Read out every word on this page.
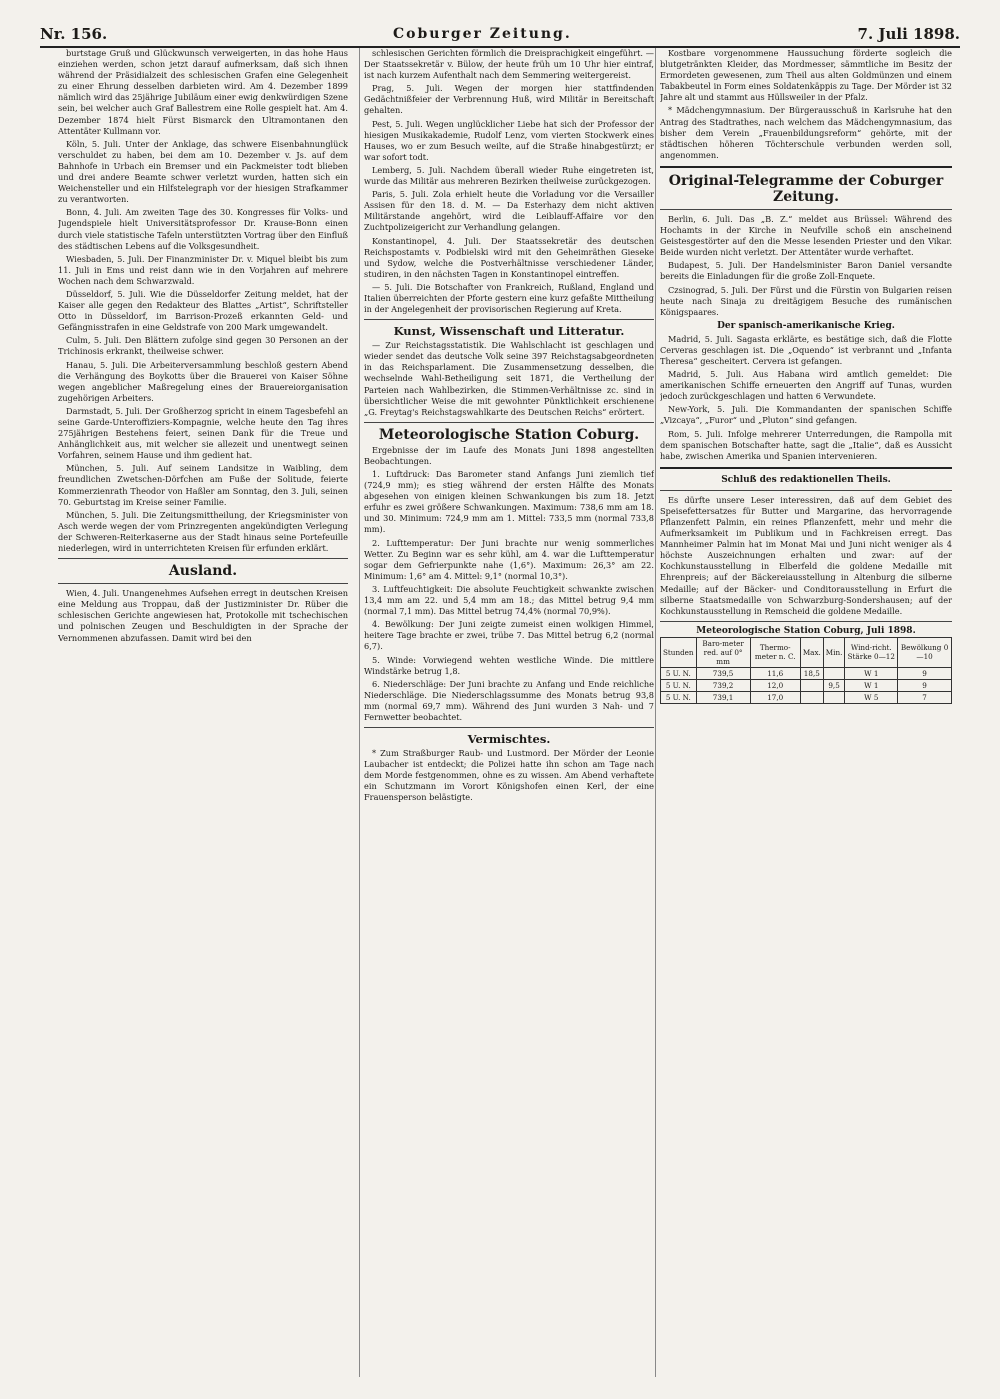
Nr. 156.	Coburger Zeitung.	7. Juli 1898.

burtstage Gruß und Glückwunsch verweigerten, in das hohe Haus einziehen werden, schon jetzt darauf aufmerksam, daß sich ihnen während der Präsidialzeit des schlesischen Grafen eine Gelegenheit zu einer Ehrung desselben darbieten wird. Am 4. Dezember 1899 nämlich wird das 25jährige Jubiläum einer ewig denkwürdigen Szene sein, bei welcher auch Graf Ballestrem eine Rolle gespielt hat. Am 4. Dezember 1874 hielt Fürst Bismarck den Ultramontanen den Attentäter Kullmann vor.

Köln, 5. Juli. Unter der Anklage, das schwere Eisenbahnunglück verschuldet zu haben, bei dem am 10. Dezember v. Js. auf dem Bahnhofe in Urbach ein Bremser und ein Packmeister todt blieben und drei andere Beamte schwer verletzt wurden, hatten sich ein Weichensteller und ein Hilfstelegraph vor der hiesigen Strafkammer zu verantworten.

Bonn, 4. Juli. Am zweiten Tage des 30. Kongresses für Volks- und Jugendspiele hielt Universitätsprofessor Dr. Krause-Bonn einen durch viele statistische Tafeln unterstützten Vortrag über den Einfluß des städtischen Lebens auf die Volksgesundheit.

Wiesbaden, 5. Juli. Der Finanzminister Dr. v. Miquel bleibt bis zum 11. Juli in Ems und reist dann wie in den Vorjahren auf mehrere Wochen nach dem Schwarzwald.

Düsseldorf, 5. Juli. Wie die Düsseldorfer Zeitung meldet, hat der Kaiser alle gegen den Redakteur des Blattes „Artist“, Schriftsteller Otto in Düsseldorf, im Barrison-Prozeß erkannten Geld- und Gefängnisstrafen in eine Geldstrafe von 200 Mark umgewandelt.

Culm, 5. Juli. Den Blättern zufolge sind gegen 30 Personen an der Trichinosis erkrankt, theilweise schwer.

Hanau, 5. Juli. Die Arbeiterversammlung beschloß gestern Abend die Verhängung des Boykotts über die Brauerei von Kaiser Söhne wegen angeblicher Maßregelung eines der Brauereiorganisation zugehörigen Arbeiters.

Darmstadt, 5. Juli. Der Großherzog spricht in einem Tagesbefehl an seine Garde-Unteroffiziers-Kompagnie, welche heute den Tag ihres 275jährigen Bestehens feiert, seinen Dank für die Treue und Anhänglichkeit aus, mit welcher sie allezeit und unentwegt seinen Vorfahren, seinem Hause und ihm gedient hat.

München, 5. Juli. Auf seinem Landsitze in Waibling, dem freundlichen Zwetschen-Dörfchen am Fuße der Solitude, feierte Kommerzienrath Theodor von Haßler am Sonntag, den 3. Juli, seinen 70. Geburtstag im Kreise seiner Familie.

München, 5. Juli. Die Zeitungsmittheilung, der Kriegsminister von Asch werde wegen der vom Prinzregenten angekündigten Verlegung der Schweren-Reiterkaserne aus der Stadt hinaus seine Portefeuille niederlegen, wird in unterrichteten Kreisen für erfunden erklärt.

Ausland.

Wien, 4. Juli. Unangenehmes Aufsehen erregt in deutschen Kreisen eine Meldung aus Troppau, daß der Justizminister Dr. Rüber die schlesischen Gerichte angewiesen hat, Protokolle mit tschechischen und polnischen Zeugen und Beschuldigten in der Sprache der Vernommenen abzufassen. Damit wird bei den

schlesischen Gerichten förmlich die Dreisprachigkeit eingeführt. — Der Staatssekretär v. Bülow, der heute früh um 10 Uhr hier eintraf, ist nach kurzem Aufenthalt nach dem Semmering weitergereist.

Prag, 5. Juli. Wegen der morgen hier stattfindenden Gedächtnißfeier der Verbrennung Huß, wird Militär in Bereitschaft gehalten.

Pest, 5. Juli. Wegen unglücklicher Liebe hat sich der Professor der hiesigen Musikakademie, Rudolf Lenz, vom vierten Stockwerk eines Hauses, wo er zum Besuch weilte, auf die Straße hinabgestürzt; er war sofort todt.

Lemberg, 5. Juli. Nachdem überall wieder Ruhe eingetreten ist, wurde das Militär aus mehreren Bezirken theilweise zurückgezogen.

Paris, 5. Juli. Zola erhielt heute die Vorladung vor die Versailler Assisen für den 18. d. M. — Da Esterhazy dem nicht aktiven Militärstande angehört, wird die Leiblauff-Affaire vor den Zuchtpolizeigericht zur Verhandlung gelangen.

Konstantinopel, 4. Juli. Der Staatssekretär des deutschen Reichspostamts v. Podbielski wird mit den Geheimräthen Gieseke und Sydow, welche die Postverhältnisse verschiedener Länder, studiren, in den nächsten Tagen in Konstantinopel eintreffen.

— 5. Juli. Die Botschafter von Frankreich, Rußland, England und Italien überreichten der Pforte gestern eine kurz gefaßte Mittheilung in der Angelegenheit der provisorischen Regierung auf Kreta.

Kunst, Wissenschaft und Litteratur.

— Zur Reichstagsstatistik. Die Wahlschlacht ist geschlagen und wieder sendet das deutsche Volk seine 397 Reichstagsabgeordneten in das Reichsparlament. Die Zusammensetzung desselben, die wechselnde Wahl-Betheiligung seit 1871, die Vertheilung der Parteien nach Wahlbezirken, die Stimmen-Verhältnisse zc. sind in übersichtlicher Weise die mit gewohnter Pünktlichkeit erschienene „G. Freytag's Reichstagswahlkarte des Deutschen Reichs“ erörtert.

Meteorologische Station Coburg.

Ergebnisse der im Laufe des Monats Juni 1898 angestellten Beobachtungen.

1. Luftdruck: Das Barometer stand Anfangs Juni ziemlich tief (724,9 mm); es stieg während der ersten Hälfte des Monats abgesehen von einigen kleinen Schwankungen bis zum 18. Jetzt erfuhr es zwei größere Schwankungen. Maximum: 738,6 mm am 18. und 30. Minimum: 724,9 mm am 1. Mittel: 733,5 mm (normal 733,8 mm).

2. Lufttemperatur: Der Juni brachte nur wenig sommerliches Wetter. Zu Beginn war es sehr kühl, am 4. war die Lufttemperatur sogar dem Gefrierpunkte nahe (1,6°). Maximum: 26,3° am 22. Minimum: 1,6° am 4. Mittel: 9,1° (normal 10,3°).

3. Luftfeuchtigkeit: Die absolute Feuchtigkeit schwankte zwischen 13,4 mm am 22. und 5,4 mm am 18.; das Mittel betrug 9,4 mm (normal 7,1 mm). Das Mittel betrug 74,4% (normal 70,9%).

4. Bewölkung: Der Juni zeigte zumeist einen wolkigen Himmel, heitere Tage brachte er zwei, trübe 7. Das Mittel betrug 6,2 (normal 6,7).

5. Winde: Vorwiegend wehten westliche Winde. Die mittlere Windstärke betrug 1,8.

6. Niederschläge: Der Juni brachte zu Anfang und Ende reichliche Niederschläge. Die Niederschlagssumme des Monats betrug 93,8 mm (normal 69,7 mm). Während des Juni wurden 3 Nah- und 7 Fernwetter beobachtet.

Vermischtes.

* Zum Straßburger Raub- und Lustmord. Der Mörder der Leonie Laubacher ist entdeckt; die Polizei hatte ihn schon am Tage nach dem Morde festgenommen, ohne es zu wissen. Am Abend verhaftete ein Schutzmann im Vorort Königshofen einen Kerl, der eine Frauensperson belästigte.

Kostbare vorgenommene Haussuchung förderte sogleich die blutgetränkten Kleider, das Mordmesser, sämmtliche im Besitz der Ermordeten gewesenen, zum Theil aus alten Goldmünzen und einem Tabakbeutel in Form eines Soldatenkäppis zu Tage. Der Mörder ist 32 Jahre alt und stammt aus Hüllsweiler in der Pfalz.

* Mädchengymnasium. Der Bürgerausschuß in Karlsruhe hat den Antrag des Stadtrathes, nach welchem das Mädchengymnasium, das bisher dem Verein „Frauenbildungsreform“ gehörte, mit der städtischen höheren Töchterschule verbunden werden soll, angenommen.

Original-Telegramme der Coburger Zeitung.

Berlin, 6. Juli. Das „B. Z.“ meldet aus Brüssel: Während des Hochamts in der Kirche in Neufville schoß ein anscheinend Geistesgestörter auf den die Messe lesenden Priester und den Vikar. Beide wurden nicht verletzt. Der Attentäter wurde verhaftet.

Budapest, 5. Juli. Der Handelsminister Baron Daniel versandte bereits die Einladungen für die große Zoll-Enquete.

Czsinograd, 5. Juli. Der Fürst und die Fürstin von Bulgarien reisen heute nach Sinaja zu dreitägigem Besuche des rumänischen Königspaares.

Der spanisch-amerikanische Krieg.

Madrid, 5. Juli. Sagasta erklärte, es bestätige sich, daß die Flotte Cerveras geschlagen ist. Die „Oquendo“ ist verbrannt und „Infanta Theresa“ gescheitert. Cervera ist gefangen.

Madrid, 5. Juli. Aus Habana wird amtlich gemeldet: Die amerikanischen Schiffe erneuerten den Angriff auf Tunas, wurden jedoch zurückgeschlagen und hatten 6 Verwundete.

New-York, 5. Juli. Die Kommandanten der spanischen Schiffe „Vizcaya“, „Furor“ und „Pluton“ sind gefangen.

Rom, 5. Juli. Infolge mehrerer Unterredungen, die Rampolla mit dem spanischen Botschafter hatte, sagt die „Italie“, daß es Aussicht habe, zwischen Amerika und Spanien intervenieren.

Schluß des redaktionellen Theils.

Es dürfte unsere Leser interessiren, daß auf dem Gebiet des Speisefettersatzes für Butter und Margarine, das hervorragende Pflanzenfett Palmin, ein reines Pflanzenfett, mehr und mehr die Aufmerksamkeit im Publikum und in Fachkreisen erregt. Das Mannheimer Palmin hat im Monat Mai und Juni nicht weniger als 4 höchste Auszeichnungen erhalten und zwar: auf der Kochkunstausstellung in Elberfeld die goldene Medaille mit Ehrenpreis; auf der Bäckereiausstellung in Altenburg die silberne Medaille; auf der Bäcker- und Conditorausstellung in Erfurt die silberne Staatsmedaille von Schwarzburg-Sondershausen; auf der Kochkunstausstellung in Remscheid die goldene Medaille.

Meteorologische Station Coburg, Juli 1898.
Stunden	Baro-meter red. auf 0° mm	Thermo-meter n. C.	Max.	Min.	Wind-richt. Stärke 0—12	Bewölkung 0—10
5 U. N.	739,5	11,6	18,5		W 1	9
5 U. N.	739,2	12,0		9,5	W 1	9
5 U. N.	739,1	17,0			W 5	7
